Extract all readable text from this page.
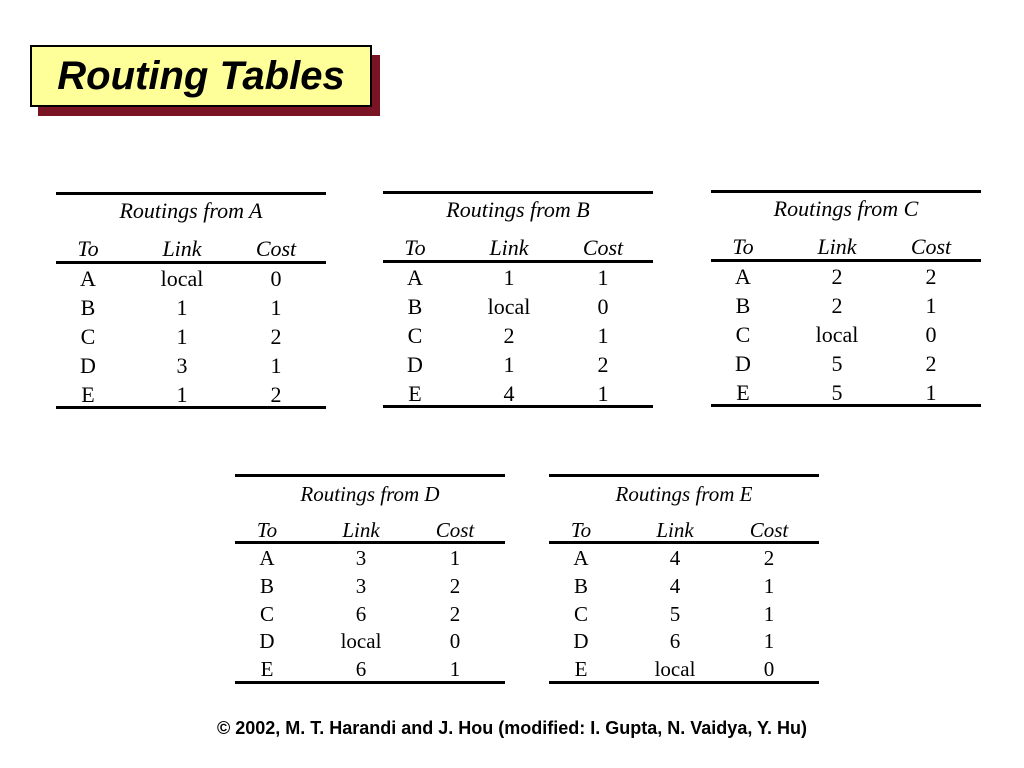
Routing Tables
Routings from A
To	Link	Cost
A	local	0
B	1	1
C	1	2
D	3	1
E	1	2
Routings from B
To	Link	Cost
A	1	1
B	local	0
C	2	1
D	1	2
E	4	1
Routings from C
To	Link	Cost
A	2	2
B	2	1
C	local	0
D	5	2
E	5	1
Routings from D
To	Link	Cost
A	3	1
B	3	2
C	6	2
D	local	0
E	6	1
Routings from E
To	Link	Cost
A	4	2
B	4	1
C	5	1
D	6	1
E	local	0
© 2002, M. T. Harandi and J. Hou (modified: I. Gupta, N. Vaidya, Y. Hu)
